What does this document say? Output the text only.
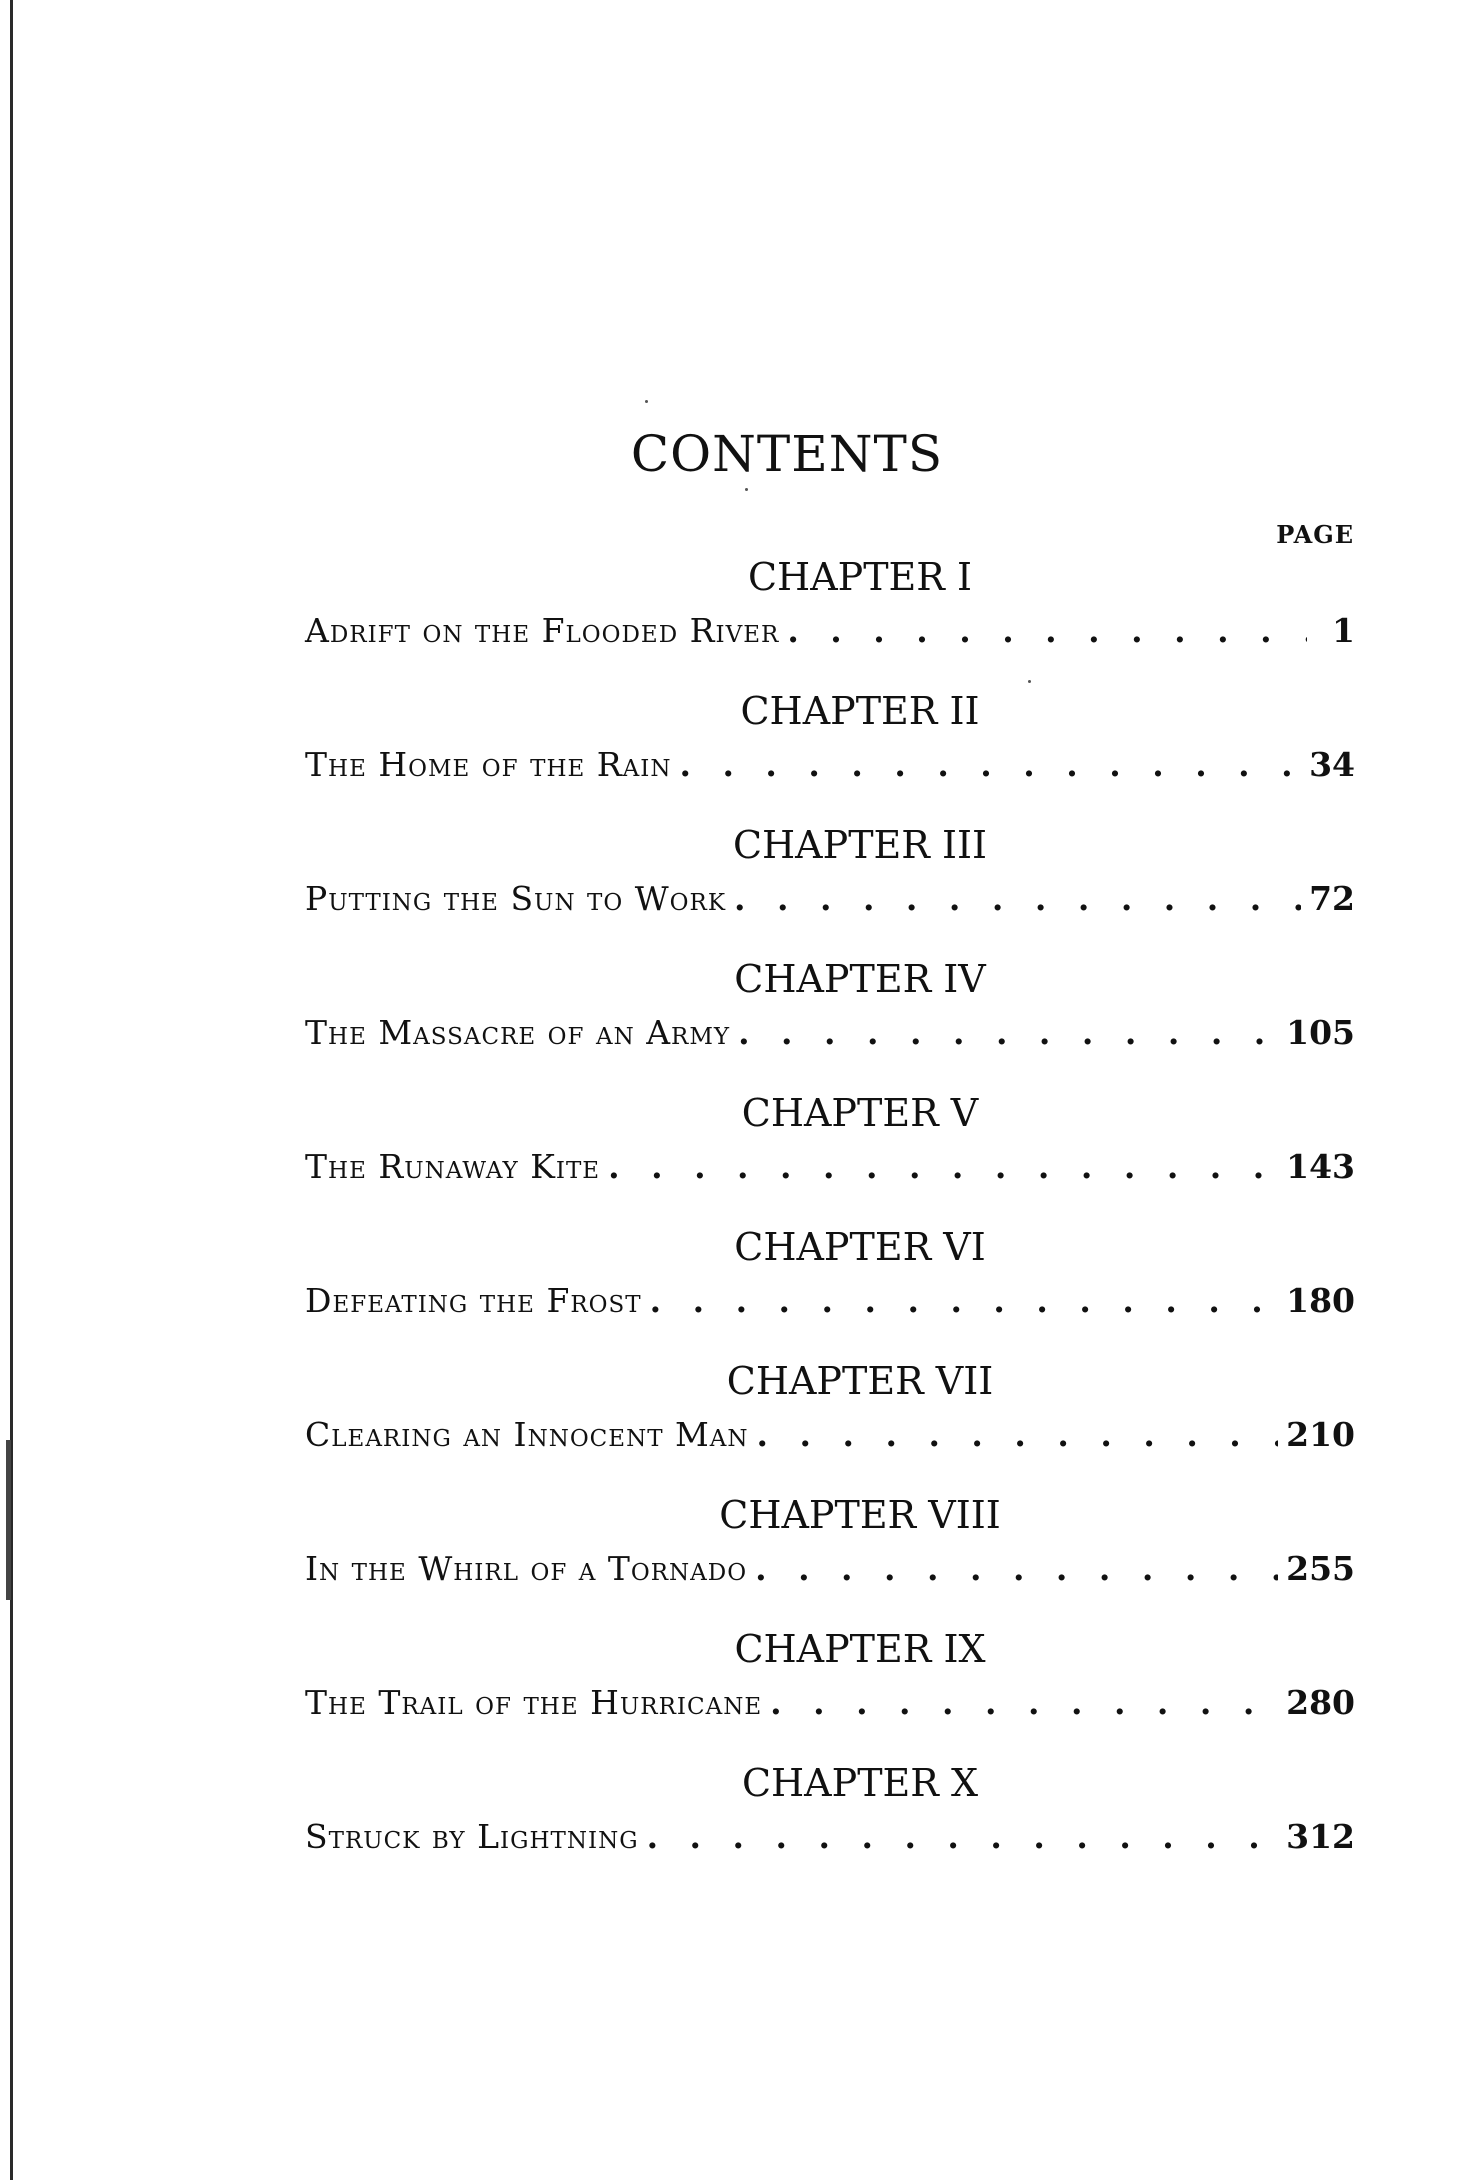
CONTENTS
PAGE
CHAPTER I
Adrift on the Flooded River . . .	1
CHAPTER II
The Home of the Rain . . .	34
CHAPTER III
Putting the Sun to Work . . .	72
CHAPTER IV
The Massacre of an Army . . .	105
CHAPTER V
The Runaway Kite . . .	143
CHAPTER VI
Defeating the Frost . . .	180
CHAPTER VII
Clearing an Innocent Man . . .	210
CHAPTER VIII
In the Whirl of a Tornado . . .	255
CHAPTER IX
The Trail of the Hurricane . . .	280
CHAPTER X
Struck by Lightning . . .	312
